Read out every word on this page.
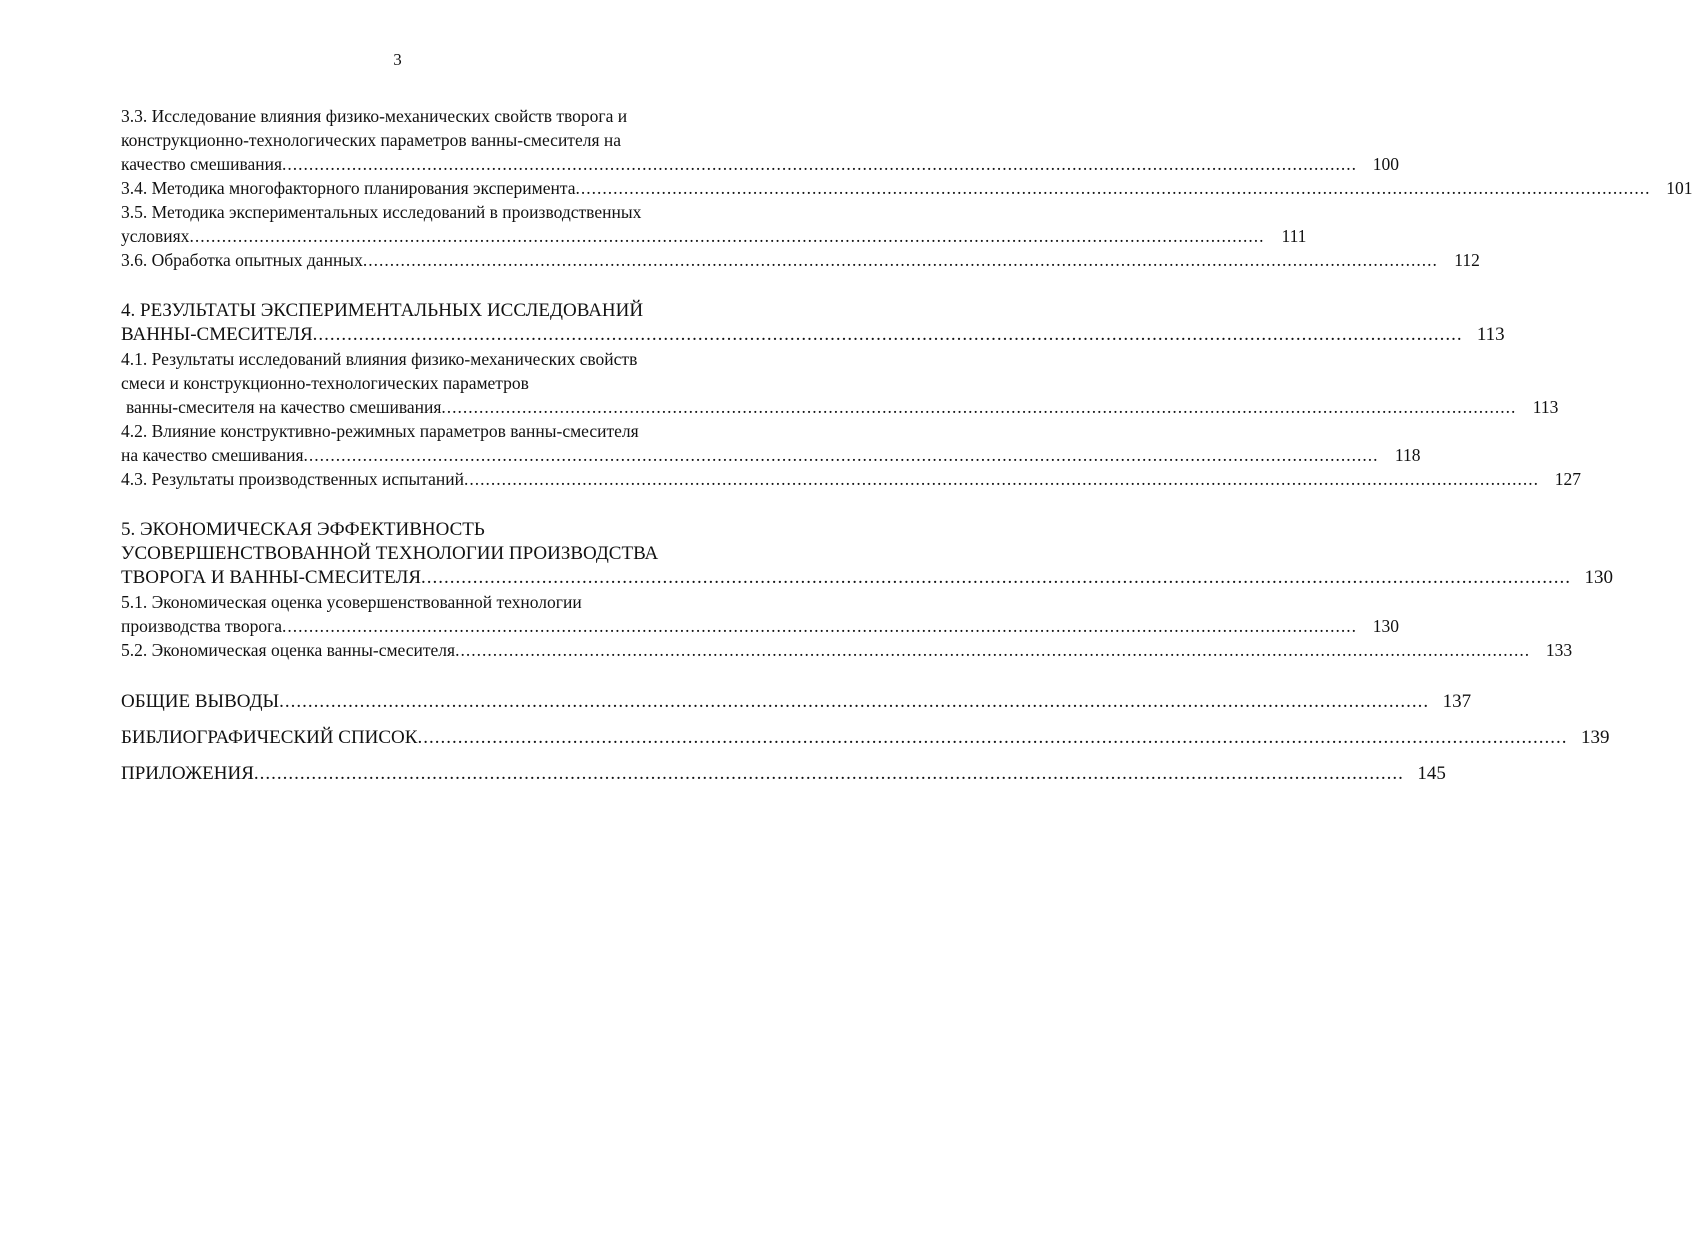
3
3.3. Исследование влияния физико-механических свойств творога и
конструкционно-технологических параметров ванны-смесителя на
качество смешивания ........................................................................................................................................................................................................ 100
3.4. Методика многофакторного планирования эксперимента ........................................................................................................................................................................................................ 101
3.5. Методика экспериментальных исследований в производственных
условиях ........................................................................................................................................................................................................ 111
3.6. Обработка опытных данных ........................................................................................................................................................................................................ 112
4. РЕЗУЛЬТАТЫ ЭКСПЕРИМЕНТАЛЬНЫХ ИССЛЕДОВАНИЙ
ВАННЫ-СМЕСИТЕЛЯ ........................................................................................................................................................................................................ 113
4.1. Результаты исследований влияния физико-механических свойств
смеси и конструкционно-технологических параметров
ванны-смесителя на качество смешивания ........................................................................................................................................................................................................ 113
4.2. Влияние конструктивно-режимных параметров ванны-смесителя
на качество смешивания ........................................................................................................................................................................................................ 118
4.3. Результаты производственных испытаний ........................................................................................................................................................................................................ 127
5. ЭКОНОМИЧЕСКАЯ ЭФФЕКТИВНОСТЬ
УСОВЕРШЕНСТВОВАННОЙ ТЕХНОЛОГИИ ПРОИЗВОДСТВА
ТВОРОГА И ВАННЫ-СМЕСИТЕЛЯ ........................................................................................................................................................................................................ 130
5.1. Экономическая оценка усовершенствованной технологии
производства творога ........................................................................................................................................................................................................ 130
5.2. Экономическая оценка ванны-смесителя ........................................................................................................................................................................................................ 133
ОБЩИЕ ВЫВОДЫ ........................................................................................................................................................................................................ 137
БИБЛИОГРАФИЧЕСКИЙ СПИСОК ........................................................................................................................................................................................................ 139
ПРИЛОЖЕНИЯ ........................................................................................................................................................................................................ 145
